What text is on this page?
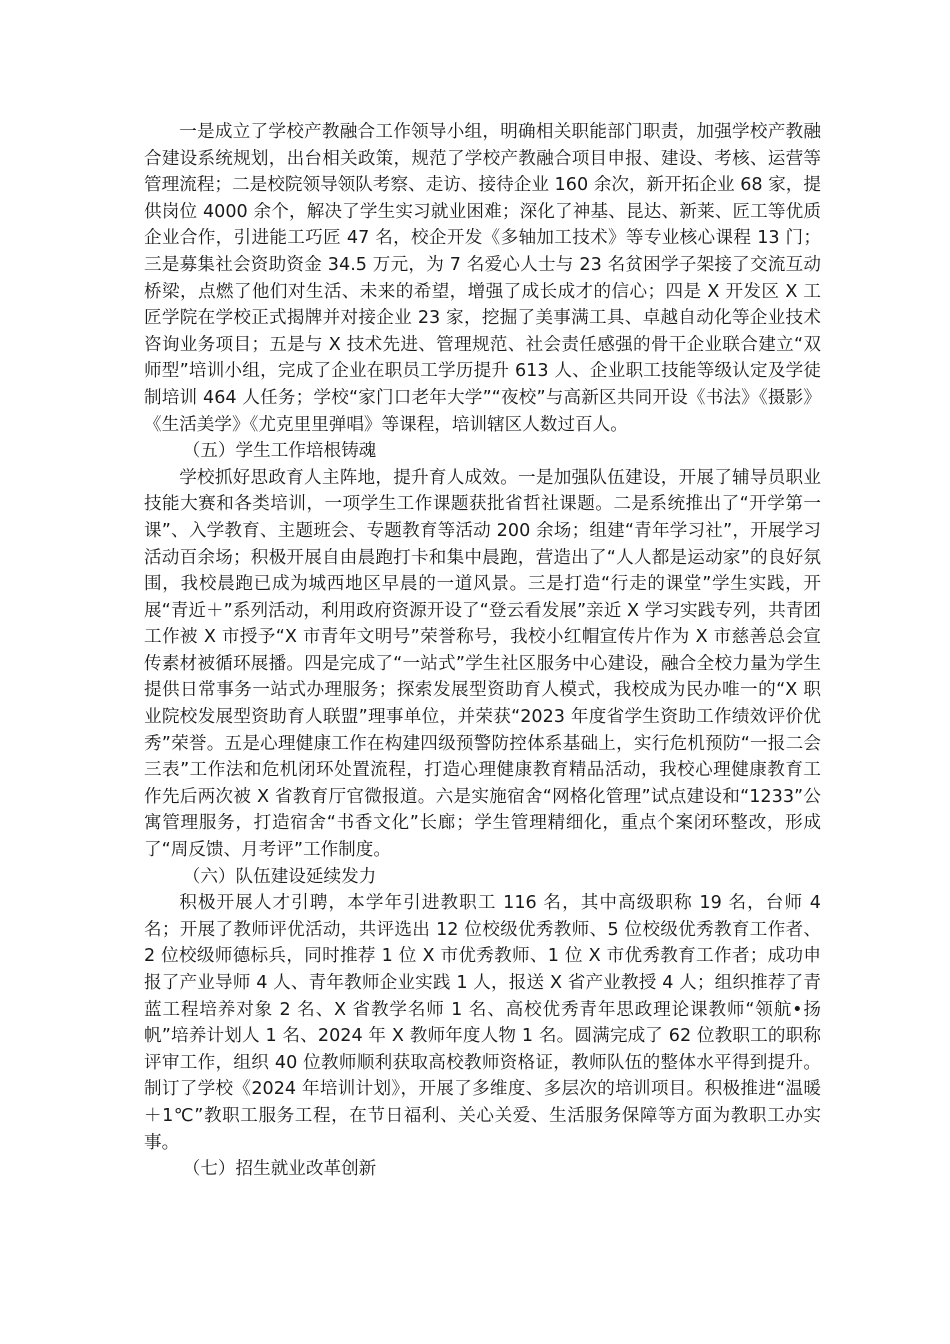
一是成立了学校产教融合工作领导小组，明确相关职能部门职责，加强学校产教融合建设系统规划，出台相关政策，规范了学校产教融合项目申报、建设、考核、运营等管理流程；二是校院领导领队考察、走访、接待企业 160 余次，新开拓企业 68 家，提供岗位 4000 余个，解决了学生实习就业困难；深化了神基、昆达、新莱、匠工等优质企业合作，引进能工巧匠 47 名，校企开发《多轴加工技术》等专业核心课程 13 门；三是募集社会资助资金 34.5 万元，为 7 名爱心人士与 23 名贫困学子架接了交流互动桥梁，点燃了他们对生活、未来的希望，增强了成长成才的信心；四是 X 开发区 X 工匠学院在学校正式揭牌并对接企业 23 家，挖掘了美事满工具、卓越自动化等企业技术咨询业务项目；五是与 X 技术先进、管理规范、社会责任感强的骨干企业联合建立“双师型”培训小组，完成了企业在职员工学历提升 613 人、企业职工技能等级认定及学徒制培训 464 人任务；学校“家门口老年大学”“夜校”与高新区共同开设《书法》《摄影》《生活美学》《尤克里里弹唱》等课程，培训辖区人数过百人。

（五）学生工作培根铸魂

学校抓好思政育人主阵地，提升育人成效。一是加强队伍建设，开展了辅导员职业技能大赛和各类培训，一项学生工作课题获批省哲社课题。二是系统推出了“开学第一课”、入学教育、主题班会、专题教育等活动 200 余场；组建“青年学习社”，开展学习活动百余场；积极开展自由晨跑打卡和集中晨跑，营造出了“人人都是运动家”的良好氛围，我校晨跑已成为城西地区早晨的一道风景。三是打造“行走的课堂”学生实践，开展“青近＋”系列活动，利用政府资源开设了“登云看发展”亲近 X 学习实践专列，共青团工作被 X 市授予“X 市青年文明号”荣誉称号，我校小红帽宣传片作为 X 市慈善总会宣传素材被循环展播。四是完成了“一站式”学生社区服务中心建设，融合全校力量为学生提供日常事务一站式办理服务；探索发展型资助育人模式，我校成为民办唯一的“X 职业院校发展型资助育人联盟”理事单位，并荣获“2023 年度省学生资助工作绩效评价优秀”荣誉。五是心理健康工作在构建四级预警防控体系基础上，实行危机预防“一报二会三表”工作法和危机闭环处置流程，打造心理健康教育精品活动，我校心理健康教育工作先后两次被 X 省教育厅官微报道。六是实施宿舍“网格化管理”试点建设和“1233”公寓管理服务，打造宿舍“书香文化”长廊；学生管理精细化，重点个案闭环整改，形成了“周反馈、月考评”工作制度。

（六）队伍建设延续发力

积极开展人才引聘，本学年引进教职工 116 名，其中高级职称 19 名，台师 4 名；开展了教师评优活动，共评选出 12 位校级优秀教师、5 位校级优秀教育工作者、2 位校级师德标兵，同时推荐 1 位 X 市优秀教师、1 位 X 市优秀教育工作者；成功申报了产业导师 4 人、青年教师企业实践 1 人，报送 X 省产业教授 4 人；组织推荐了青蓝工程培养对象 2 名、X 省教学名师 1 名、高校优秀青年思政理论课教师“领航•扬帆”培养计划人 1 名、2024 年 X 教师年度人物 1 名。圆满完成了 62 位教职工的职称评审工作，组织 40 位教师顺利获取高校教师资格证，教师队伍的整体水平得到提升。制订了学校《2024 年培训计划》，开展了多维度、多层次的培训项目。积极推进“温暖＋1℃”教职工服务工程，在节日福利、关心关爱、生活服务保障等方面为教职工办实事。

（七）招生就业改革创新
